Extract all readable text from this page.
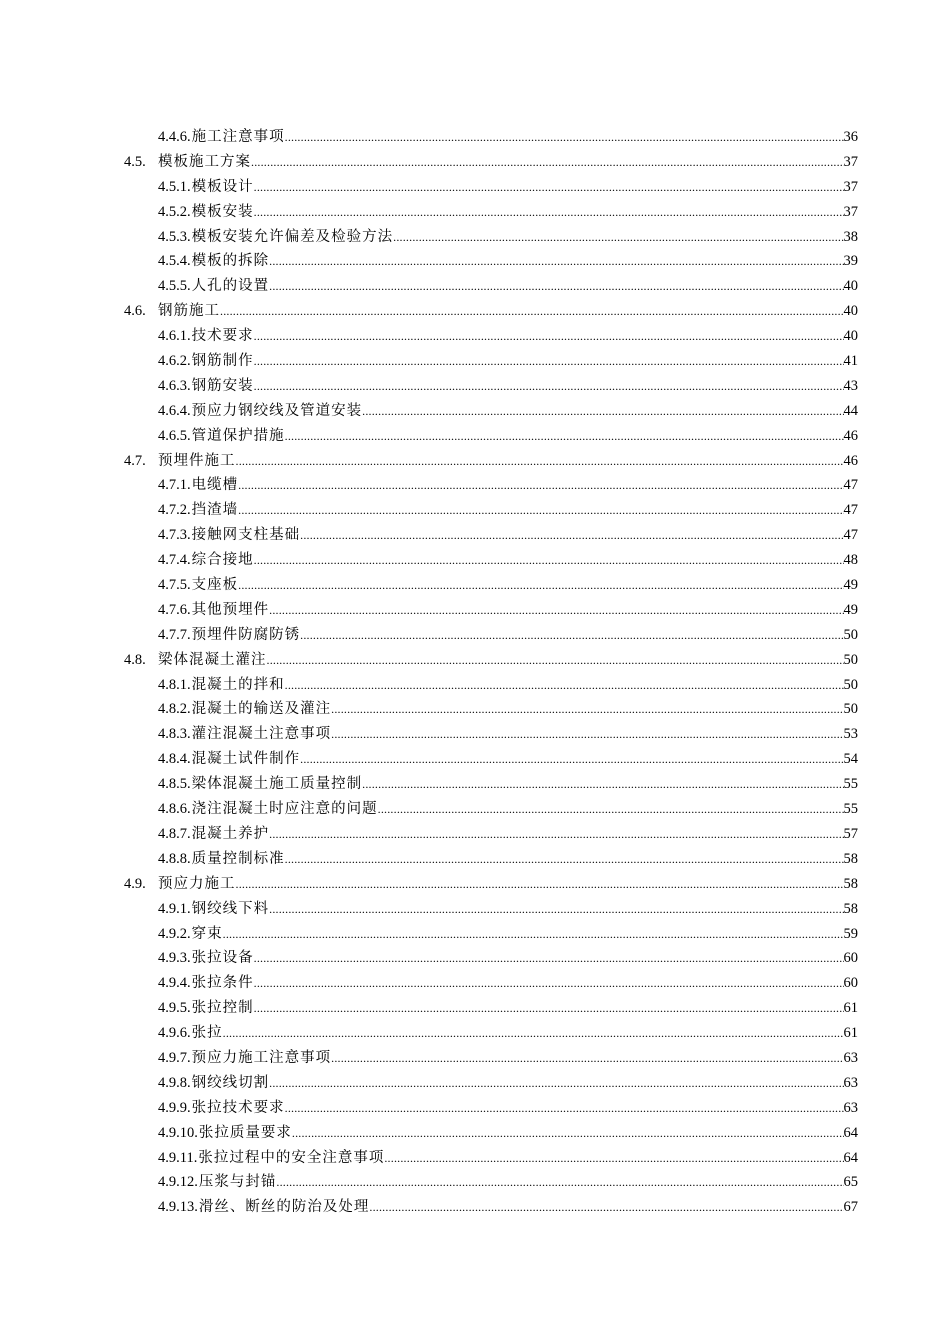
4.4.6. 施工注意事项 .....	36
4.5. 模板施工方案 .....	37
4.5.1. 模板设计 .....	37
4.5.2. 模板安装 .....	37
4.5.3. 模板安装允许偏差及检验方法 .....	38
4.5.4. 模板的拆除 .....	39
4.5.5. 人孔的设置 .....	40
4.6. 钢筋施工 .....	40
4.6.1. 技术要求 .....	40
4.6.2. 钢筋制作 .....	41
4.6.3. 钢筋安装 .....	43
4.6.4. 预应力钢绞线及管道安装 .....	44
4.6.5. 管道保护措施 .....	46
4.7. 预埋件施工 .....	46
4.7.1. 电缆槽 .....	47
4.7.2. 挡渣墙 .....	47
4.7.3. 接触网支柱基础 .....	47
4.7.4. 综合接地 .....	48
4.7.5. 支座板 .....	49
4.7.6. 其他预埋件 .....	49
4.7.7. 预埋件防腐防锈 .....	50
4.8. 梁体混凝土灌注 .....	50
4.8.1. 混凝土的拌和 .....	50
4.8.2. 混凝土的输送及灌注 .....	50
4.8.3. 灌注混凝土注意事项 .....	53
4.8.4. 混凝土试件制作 .....	54
4.8.5. 梁体混凝土施工质量控制 .....	55
4.8.6. 浇注混凝土时应注意的问题 .....	55
4.8.7. 混凝土养护 .....	57
4.8.8. 质量控制标准 .....	58
4.9. 预应力施工 .....	58
4.9.1. 钢绞线下料 .....	58
4.9.2. 穿束 .....	59
4.9.3. 张拉设备 .....	60
4.9.4. 张拉条件 .....	60
4.9.5. 张拉控制 .....	61
4.9.6. 张拉 .....	61
4.9.7. 预应力施工注意事项 .....	63
4.9.8. 钢绞线切割 .....	63
4.9.9. 张拉技术要求 .....	63
4.9.10. 张拉质量要求 .....	64
4.9.11. 张拉过程中的安全注意事项 .....	64
4.9.12. 压浆与封锚 .....	65
4.9.13. 滑丝、断丝的防治及处理 .....	67
